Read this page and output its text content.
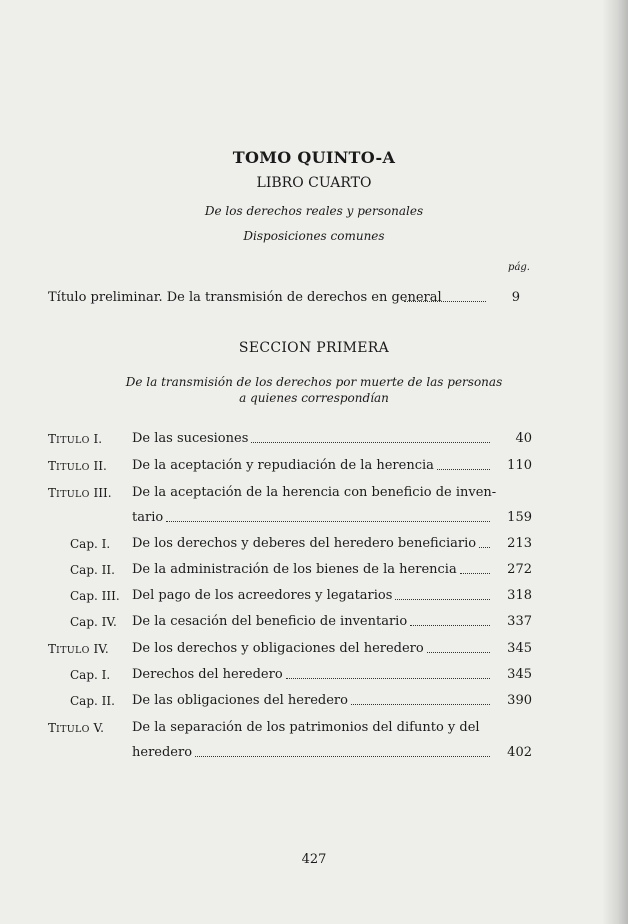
TOMO QUINTO-A
LIBRO CUARTO
De los derechos reales y personales
Disposiciones comunes
pág.
Título preliminar. De la transmisión de derechos en general	9
SECCION PRIMERA
De la transmisión de los derechos por muerte de las personas
a quienes correspondían
TITULO I. De las sucesiones	40
TITULO II. De la aceptación y repudiación de la herencia	110
TITULO III. De la aceptación de la herencia con beneficio de inven-
tario	159
Cap. I. De los derechos y deberes del heredero beneficiario	213
Cap. II. De la administración de los bienes de la herencia	272
Cap. III. Del pago de los acreedores y legatarios	318
Cap. IV. De la cesación del beneficio de inventario	337
TITULO IV. De los derechos y obligaciones del heredero	345
Cap. I. Derechos del heredero	345
Cap. II. De las obligaciones del heredero	390
TITULO V. De la separación de los patrimonios del difunto y del
heredero	402
427
